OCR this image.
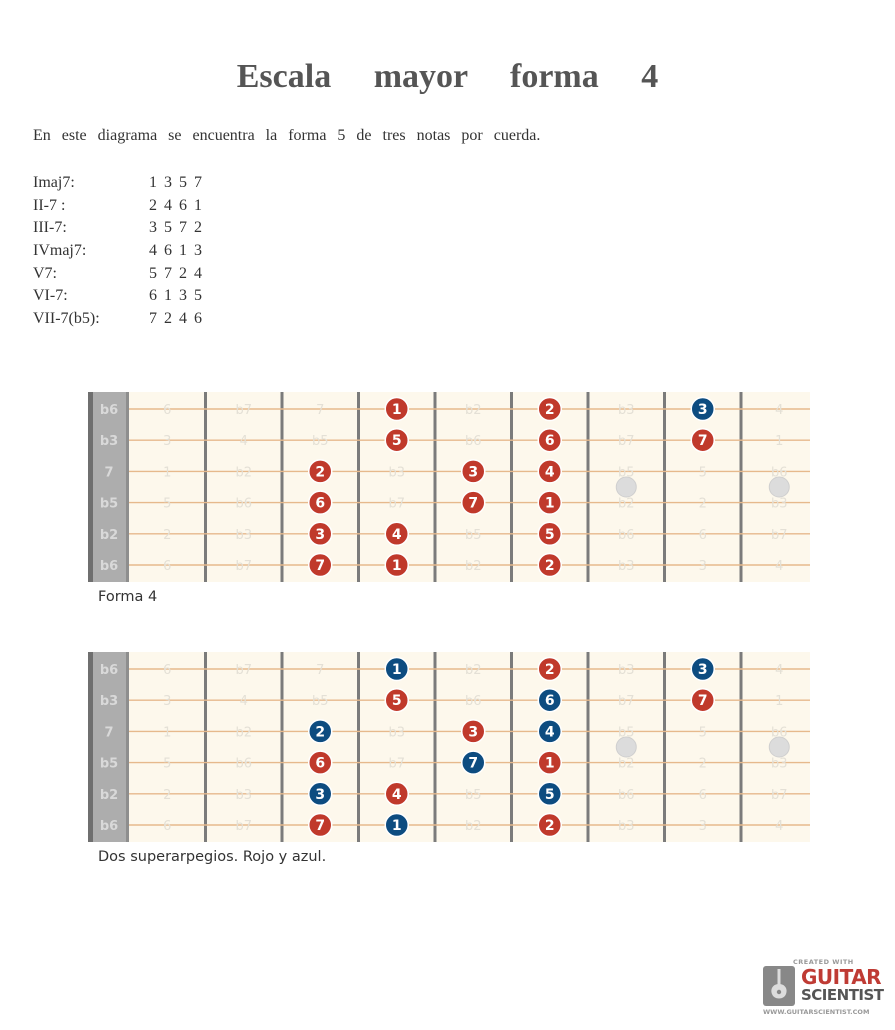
Escala mayor forma 4
En este diagrama se encuentra la forma 5 de tres notas por cuerda.
Imaj7:	1 3 5 7
II-7 :	2 4 6 1
III-7:	3 5 7 2
IVmaj7:	4 6 1 3
V7:	5 7 2 4
VI-7:	6 1 3 5
VII-7(b5):	7 2 4 6
b6
b3
7
b5
b2
b6
6	b7	7	b2	b3	4
3	4	b5	b6	b7	1
1	b2	b3	b5	5	b6
5	b6	b7	b2	2	b3
2	b3	b5	b6	6	b7
6	b7	b2	b3	3	4
1	2	3
5	6	7
2	3	4
6	7	1
3	4	5
7	1	2
Forma 4
b6
b3
7
b5
b2
b6
6	b7	7	b2	b3	4
3	4	b5	b6	b7	1
1	b2	b3	b5	5	b6
5	b6	b7	b2	2	b3
2	b3	b5	b6	6	b7
6	b7	b2	b3	3	4
1	2	3
5	6	7
2	3	4
6	7	1
3	4	5
7	1	2
Dos superarpegios. Rojo y azul.
CREATED WITH
GUITAR
SCIENTIST
WWW.GUITARSCIENTIST.COM
